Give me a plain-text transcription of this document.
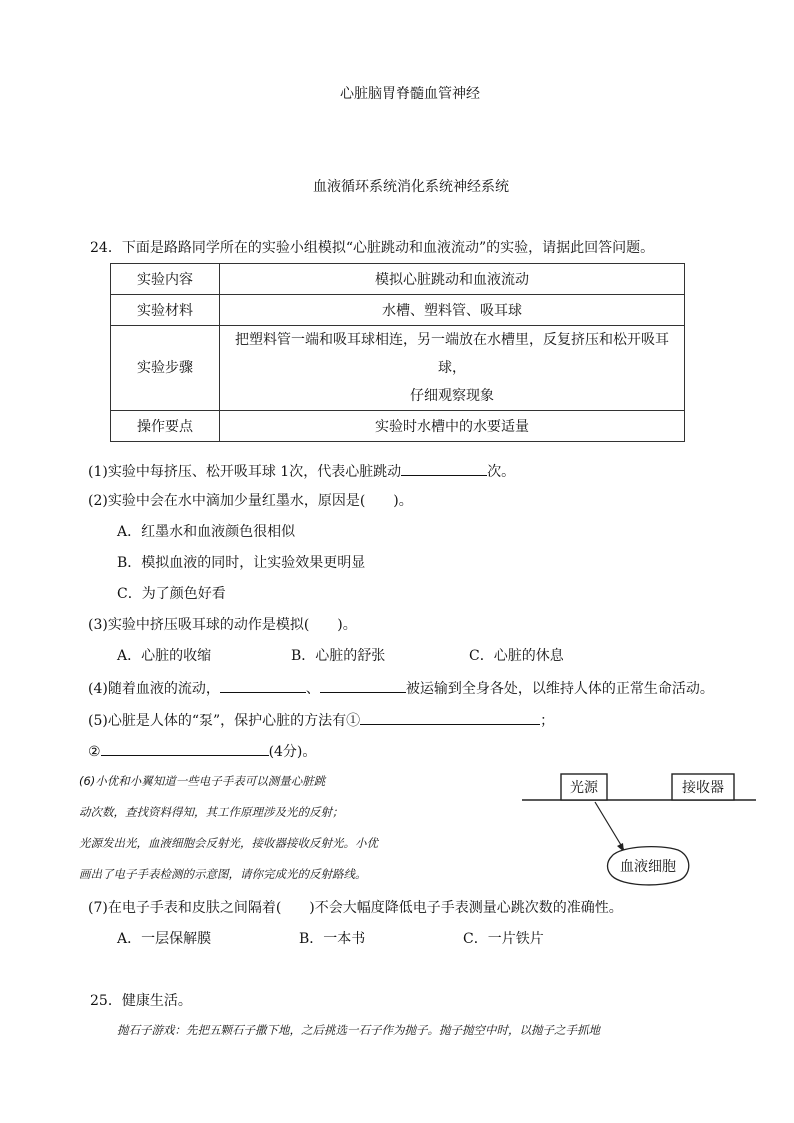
心脏脑胃脊髓血管神经
血液循环系统消化系统神经系统
24．下面是路路同学所在的实验小组模拟“心脏跳动和血液流动”的实验，请据此回答问题。
实验内容	模拟心脏跳动和血液流动
实验材料	水槽、塑料管、吸耳球
实验步骤	把塑料管一端和吸耳球相连，另一端放在水槽里，反复挤压和松开吸耳球，
仔细观察现象

操作要点	实验时水槽中的水要适量
(1)实验中每挤压、松开吸耳球 1次，代表心脏跳动	次。
(2)实验中会在水中滴加少量红墨水，原因是(　　)。
A．红墨水和血液颜色很相似
B．模拟血液的同时，让实验效果更明显
C．为了颜色好看
(3)实验中挤压吸耳球的动作是模拟(　　)。
A．心脏的收缩	B．心脏的舒张	C．心脏的休息
(4)随着血液的流动，	、	被运输到全身各处，以维持人体的正常生命活动。
(5)心脏是人体的“泵”，保护心脏的方法有①	；
②	(4分)。
(6)小优和小翼知道一些电子手表可以测量心脏跳
动次数，查找资料得知，其工作原理涉及光的反射；
光源发出光，血液细胞会反射光，接收器接收反射光。小优
画出了电子手表检测的示意图，请你完成光的反射路线。
光源	接收器
血液细胞
(7)在电子手表和皮肤之间隔着(　　)不会大幅度降低电子手表测量心跳次数的准确性。
A．一层保解膜	B．一本书	C．一片铁片
25．健康生活。
抛石子游戏：先把五颗石子撒下地，之后挑选一石子作为抛子。抛子抛空中时，以抛子之手抓地
